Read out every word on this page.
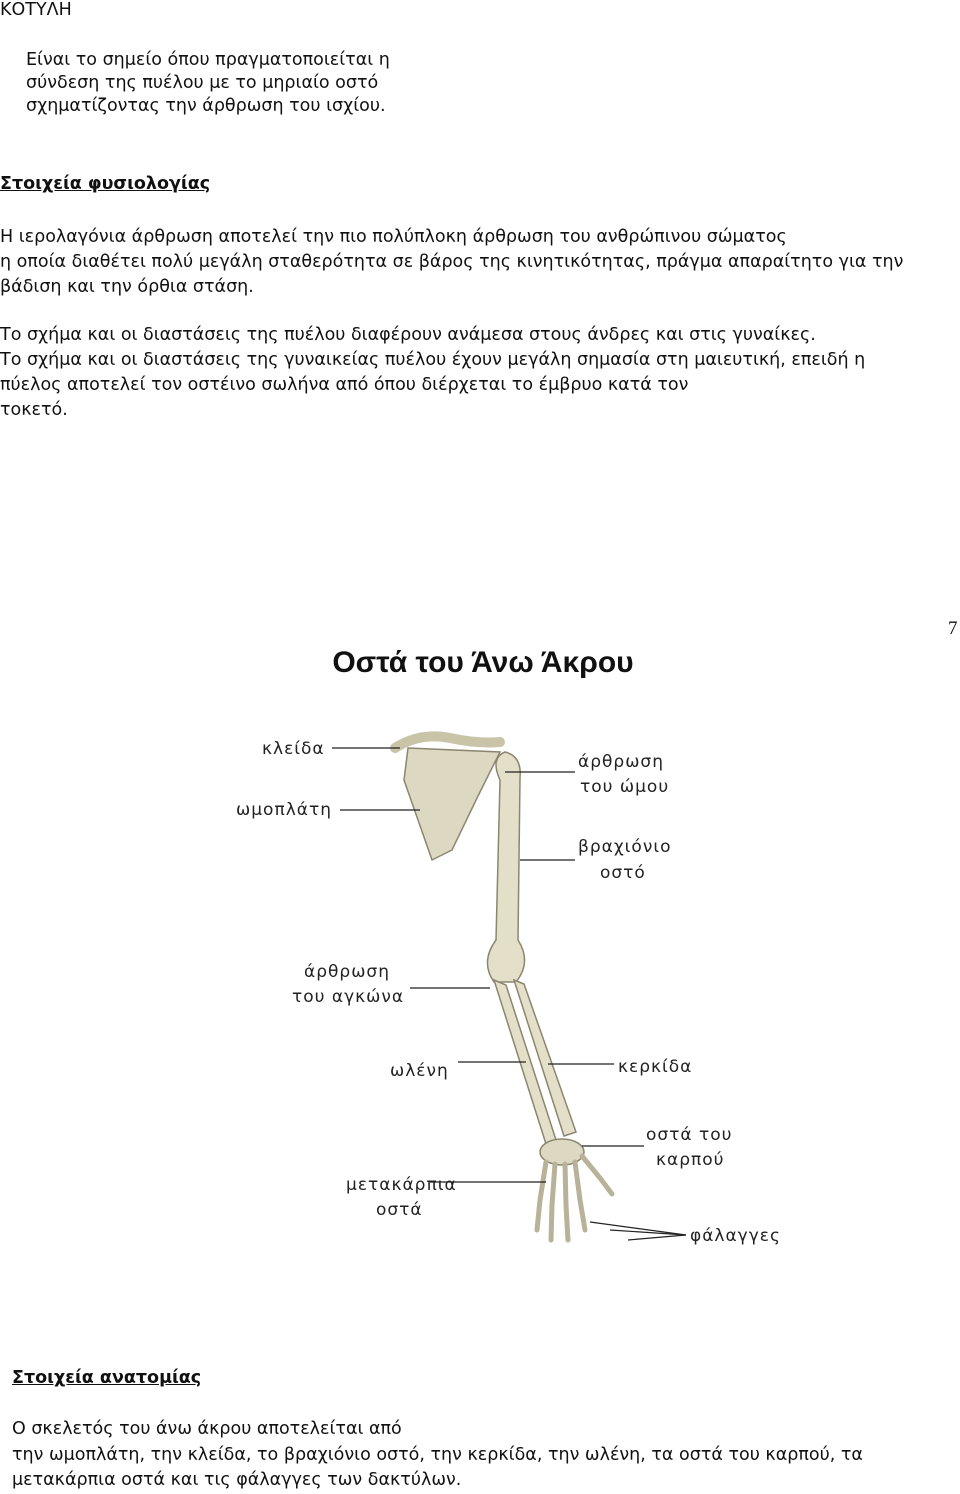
ΚΟΤΥΛΗ

Είναι το σημείο όπου πραγματοποιείται η

σύνδεση της πυέλου με το μηριαίο οστό

σχηματίζοντας την άρθρωση του ισχίου.

Στοιχεία φυσιολογίας

Η ιερολαγόνια άρθρωση αποτελεί την πιο πολύπλοκη άρθρωση του ανθρώπινου σώματος

η οποία διαθέτει πολύ μεγάλη σταθερότητα σε βάρος της κινητικότητας, πράγμα απαραίτητο για την

βάδιση και την όρθια στάση.

Το σχήμα και οι διαστάσεις της πυέλου διαφέρουν ανάμεσα στους άνδρες και στις γυναίκες.

Το σχήμα και οι διαστάσεις της γυναικείας πυέλου έχουν μεγάλη σημασία στη μαιευτική, επειδή η

πύελος αποτελεί τον οστέινο σωλήνα από όπου διέρχεται το έμβρυο κατά τον

τοκετό.

7
Οστά του Άνω Άκρου
κλείδα
ωμοπλάτη
άρθρωση
του ώμου
βραχιόνιο
οστό
άρθρωση
του αγκώνα
ωλένη	κερκίδα
οστά του
καρπού
μετακάρπια
οστά
φάλαγγες

Στοιχεία ανατομίας

Ο σκελετός του άνω άκρου αποτελείται από

την ωμοπλάτη, την κλείδα, το βραχιόνιο οστό, την κερκίδα, την ωλένη, τα οστά του καρπού, τα

μετακάρπια οστά και τις φάλαγγες των δακτύλων.
